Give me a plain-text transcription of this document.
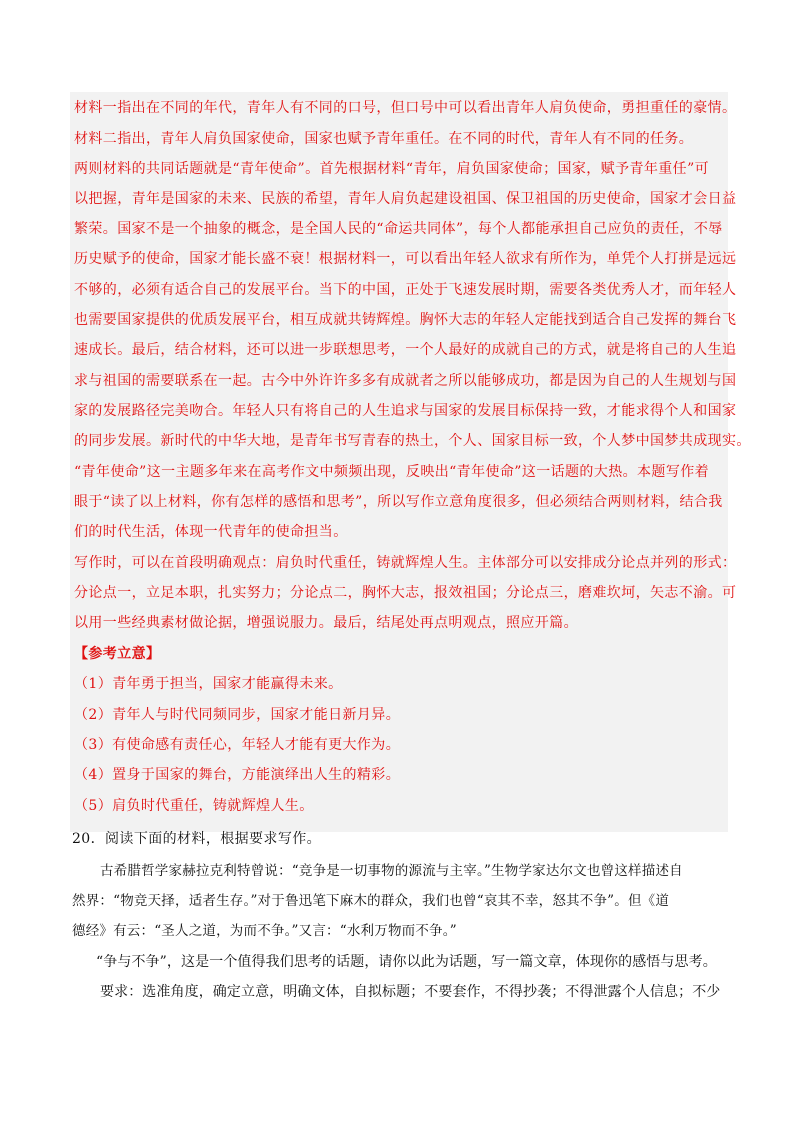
材料一指出在不同的年代，青年人有不同的口号，但口号中可以看出青年人肩负使命，勇担重任的豪情。
材料二指出，青年人肩负国家使命，国家也赋予青年重任。在不同的时代，青年人有不同的任务。
两则材料的共同话题就是“青年使命”。首先根据材料“青年，肩负国家使命；国家，赋予青年重任”可
以把握，青年是国家的未来、民族的希望，青年人肩负起建设祖国、保卫祖国的历史使命，国家才会日益
繁荣。国家不是一个抽象的概念，是全国人民的“命运共同体”，每个人都能承担自己应负的责任，不辱
历史赋予的使命，国家才能长盛不衰！根据材料一，可以看出年轻人欲求有所作为，单凭个人打拼是远远
不够的，必须有适合自己的发展平台。当下的中国，正处于飞速发展时期，需要各类优秀人才，而年轻人
也需要国家提供的优质发展平台，相互成就共铸辉煌。胸怀大志的年轻人定能找到适合自己发挥的舞台飞
速成长。最后，结合材料，还可以进一步联想思考，一个人最好的成就自己的方式，就是将自己的人生追
求与祖国的需要联系在一起。古今中外许许多多有成就者之所以能够成功，都是因为自己的人生规划与国
家的发展路径完美吻合。年轻人只有将自己的人生追求与国家的发展目标保持一致，才能求得个人和国家
的同步发展。新时代的中华大地，是青年书写青春的热土，个人、国家目标一致，个人梦中国梦共成现实。
“青年使命”这一主题多年来在高考作文中频频出现，反映出“青年使命”这一话题的大热。本题写作着
眼于“读了以上材料，你有怎样的感悟和思考”，所以写作立意角度很多，但必须结合两则材料，结合我
们的时代生活，体现一代青年的使命担当。
写作时，可以在首段明确观点：肩负时代重任，铸就辉煌人生。主体部分可以安排成分论点并列的形式：
分论点一，立足本职，扎实努力；分论点二，胸怀大志，报效祖国；分论点三，磨难坎坷，矢志不渝。可
以用一些经典素材做论据，增强说服力。最后，结尾处再点明观点，照应开篇。
【参考立意】
（1）青年勇于担当，国家才能赢得未来。
（2）青年人与时代同频同步，国家才能日新月异。
（3）有使命感有责任心，年轻人才能有更大作为。
（4）置身于国家的舞台，方能演绎出人生的精彩。
（5）肩负时代重任，铸就辉煌人生。
20．阅读下面的材料，根据要求写作。
古希腊哲学家赫拉克利特曾说：“竞争是一切事物的源流与主宰。”生物学家达尔文也曾这样描述自
然界：“物竞天择，适者生存。”对于鲁迅笔下麻木的群众，我们也曾“哀其不幸，怒其不争”。但《道
德经》有云：“圣人之道，为而不争。”又言：“水利万物而不争。”
“争与不争”，这是一个值得我们思考的话题，请你以此为话题，写一篇文章，体现你的感悟与思考。
要求：选准角度，确定立意，明确文体，自拟标题；不要套作，不得抄袭；不得泄露个人信息；不少
